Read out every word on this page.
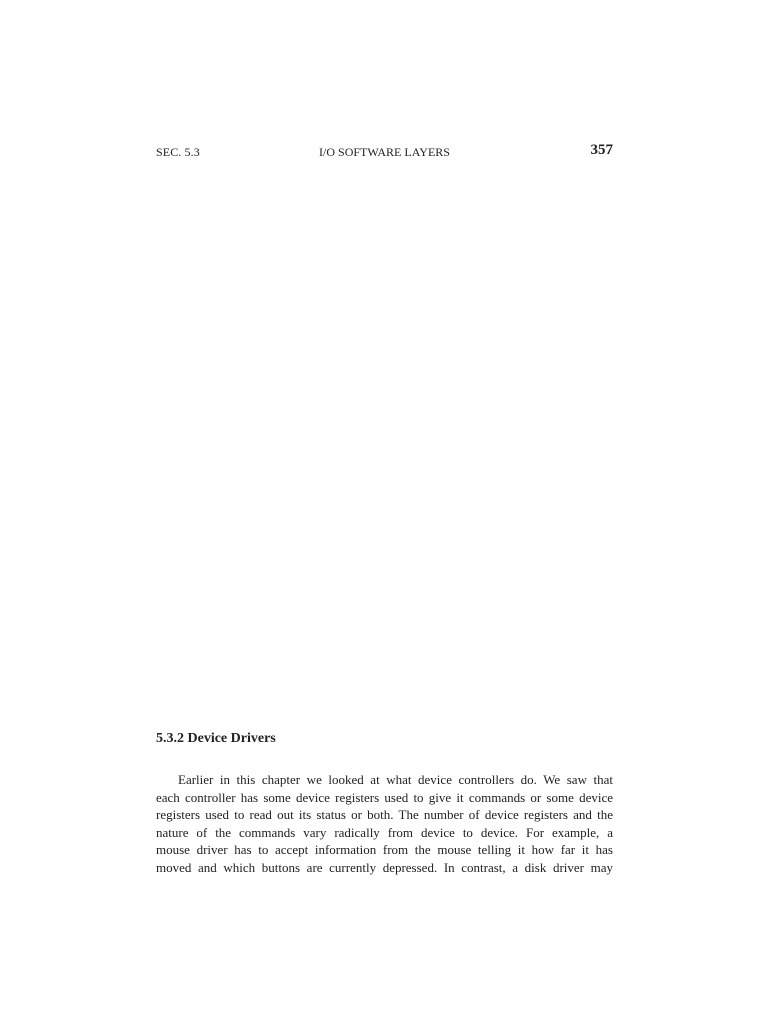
SEC. 5.3	I/O SOFTWARE LAYERS	357
5.3.2 Device Drivers
Earlier in this chapter we looked at what device controllers do. We saw that
each controller has some device registers used to give it commands or some device
registers used to read out its status or both. The number of device registers and the
nature of the commands vary radically from device to device. For example, a
mouse driver has to accept information from the mouse telling it how far it has
moved and which buttons are currently depressed. In contrast, a disk driver may
